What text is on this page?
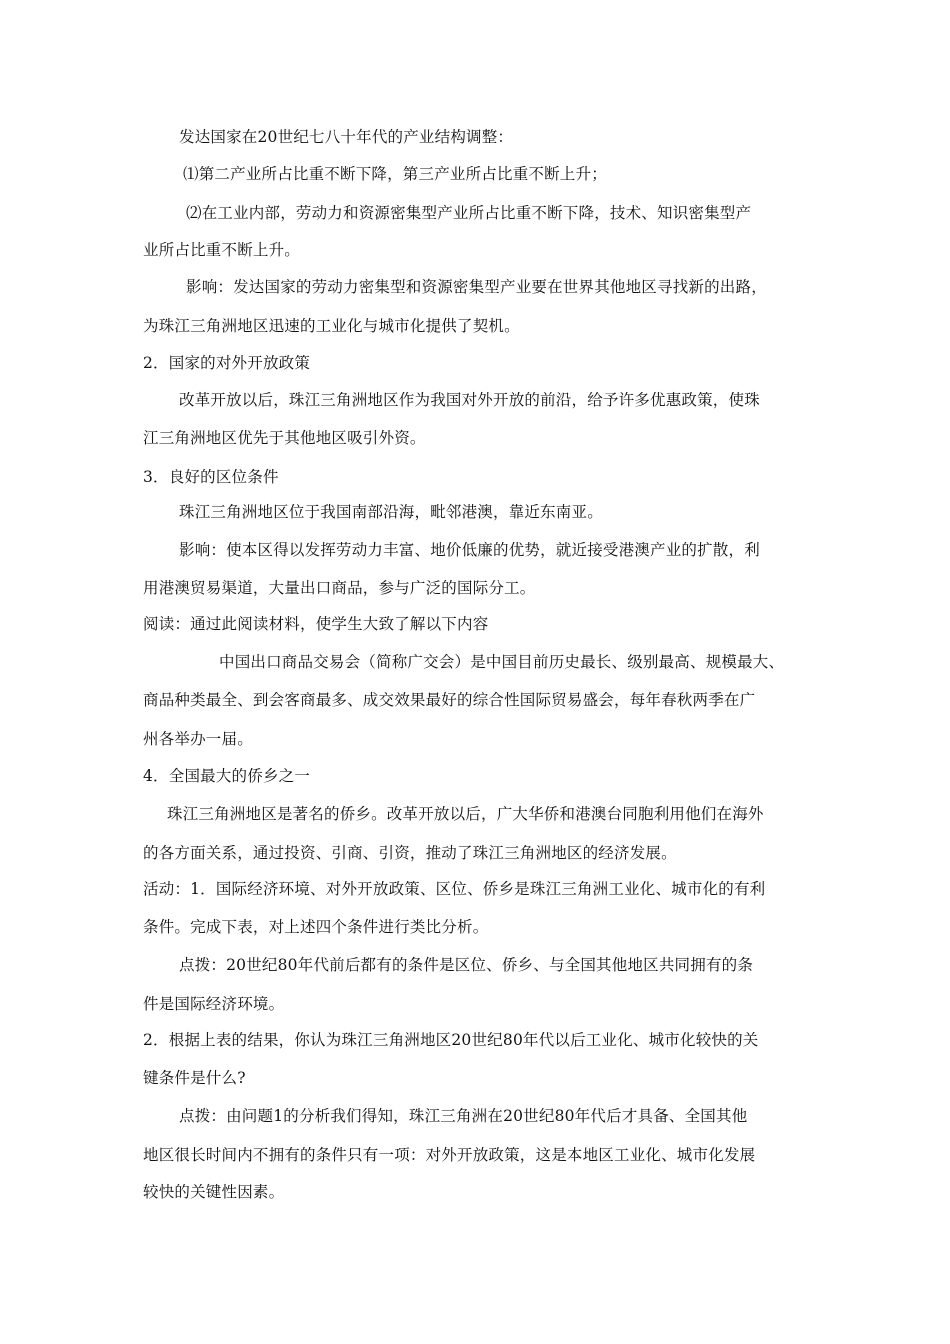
发达国家在20世纪七八十年代的产业结构调整：
⑴第二产业所占比重不断下降，第三产业所占比重不断上升；
⑵在工业内部，劳动力和资源密集型产业所占比重不断下降，技术、知识密集型产
业所占比重不断上升。
影响：发达国家的劳动力密集型和资源密集型产业要在世界其他地区寻找新的出路，
为珠江三角洲地区迅速的工业化与城市化提供了契机。
2．国家的对外开放政策
改革开放以后，珠江三角洲地区作为我国对外开放的前沿，给予许多优惠政策，使珠
江三角洲地区优先于其他地区吸引外资。
3．良好的区位条件
珠江三角洲地区位于我国南部沿海，毗邻港澳，靠近东南亚。
影响：使本区得以发挥劳动力丰富、地价低廉的优势，就近接受港澳产业的扩散，利
用港澳贸易渠道，大量出口商品，参与广泛的国际分工。
阅读：通过此阅读材料，使学生大致了解以下内容
中国出口商品交易会（简称广交会）是中国目前历史最长、级别最高、规模最大、
商品种类最全、到会客商最多、成交效果最好的综合性国际贸易盛会，每年春秋两季在广
州各举办一届。
4．全国最大的侨乡之一
珠江三角洲地区是著名的侨乡。改革开放以后，广大华侨和港澳台同胞利用他们在海外
的各方面关系，通过投资、引商、引资，推动了珠江三角洲地区的经济发展。
活动：1．国际经济环境、对外开放政策、区位、侨乡是珠江三角洲工业化、城市化的有利
条件。完成下表，对上述四个条件进行类比分析。
点拨：20世纪80年代前后都有的条件是区位、侨乡、与全国其他地区共同拥有的条
件是国际经济环境。
2．根据上表的结果，你认为珠江三角洲地区20世纪80年代以后工业化、城市化较快的关
键条件是什么?
点拨：由问题1的分析我们得知，珠江三角洲在20世纪80年代后才具备、全国其他
地区很长时间内不拥有的条件只有一项：对外开放政策，这是本地区工业化、城市化发展
较快的关键性因素。
